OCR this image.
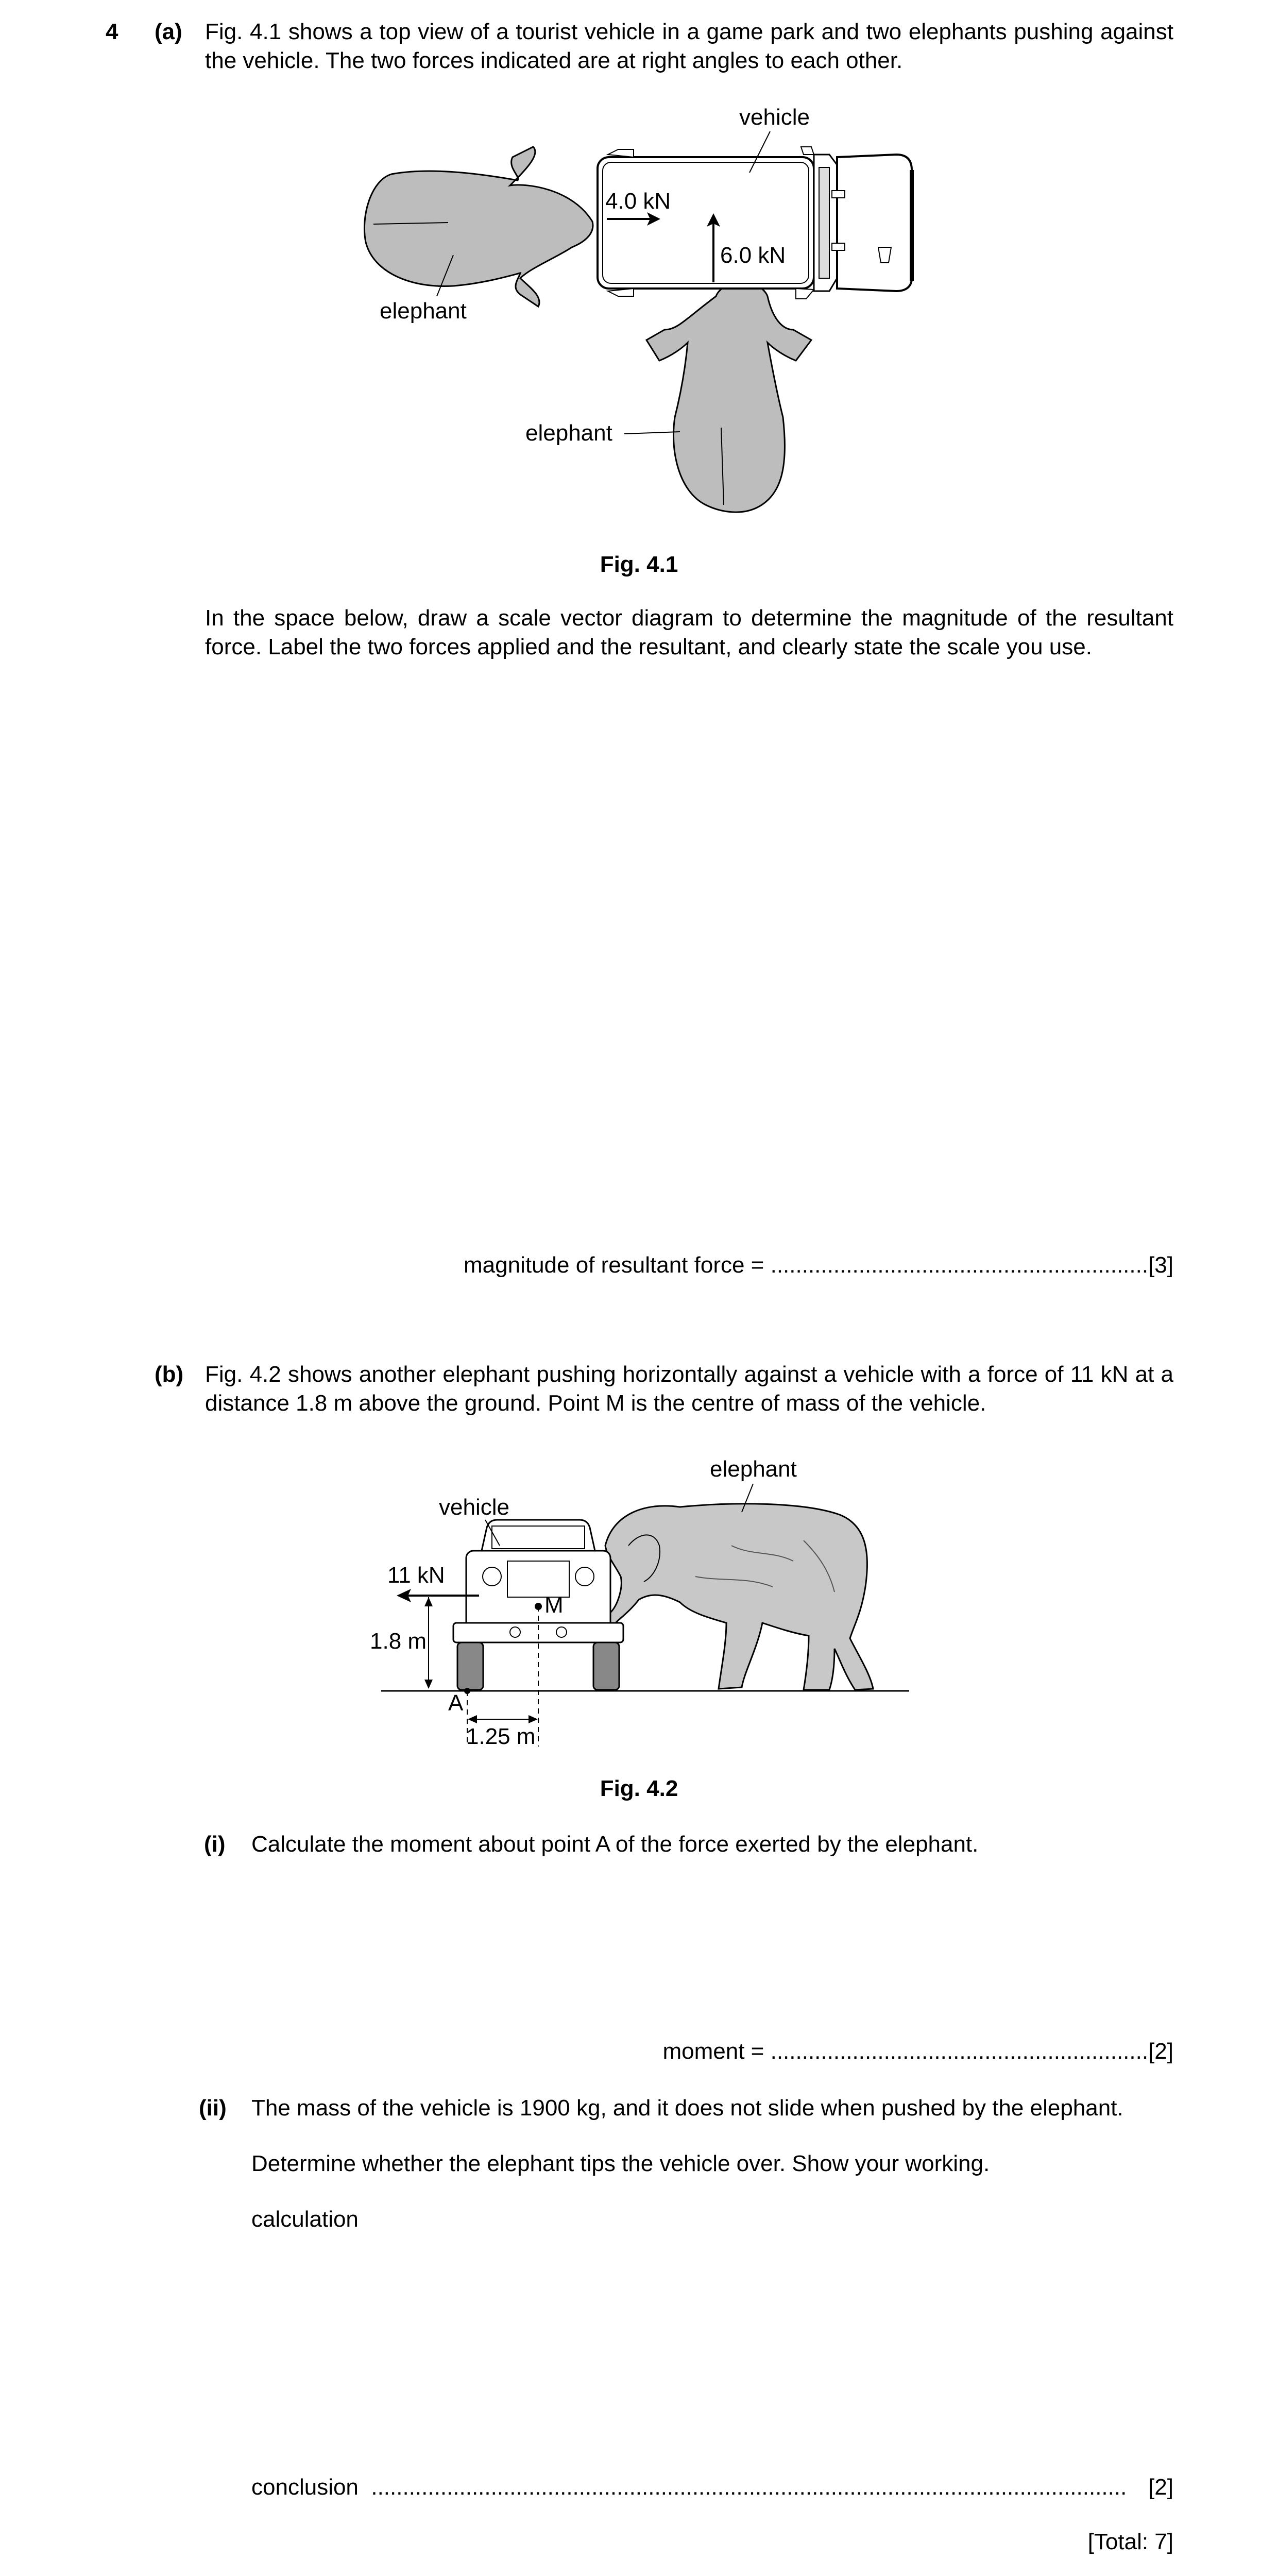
4 (a) Fig. 4.1 shows a top view of a tourist vehicle in a game park and two elephants pushing against the vehicle. The two forces indicated are at right angles to each other.
4.0 kN
6.0 kN
vehicle
elephant
elephant
Fig. 4.1
In the space below, draw a scale vector diagram to determine the magnitude of the resultant force. Label the two forces applied and the resultant, and clearly state the scale you use.
magnitude of resultant force = ............................................................[3]
(b) Fig. 4.2 shows another elephant pushing horizontally against a vehicle with a force of 11 kN at a distance 1.8 m above the ground. Point M is the centre of mass of the vehicle.
11 kN
1.8 m
M
A
1.25 m
elephant
vehicle
Fig. 4.2
(i) Calculate the moment about point A of the force exerted by the elephant.
moment = ............................................................[2]
(ii) The mass of the vehicle is 1900 kg, and it does not slide when pushed by the elephant.
Determine whether the elephant tips the vehicle over. Show your working.
calculation
conclusion ........................................................................................................................ [2]
[Total: 7]
